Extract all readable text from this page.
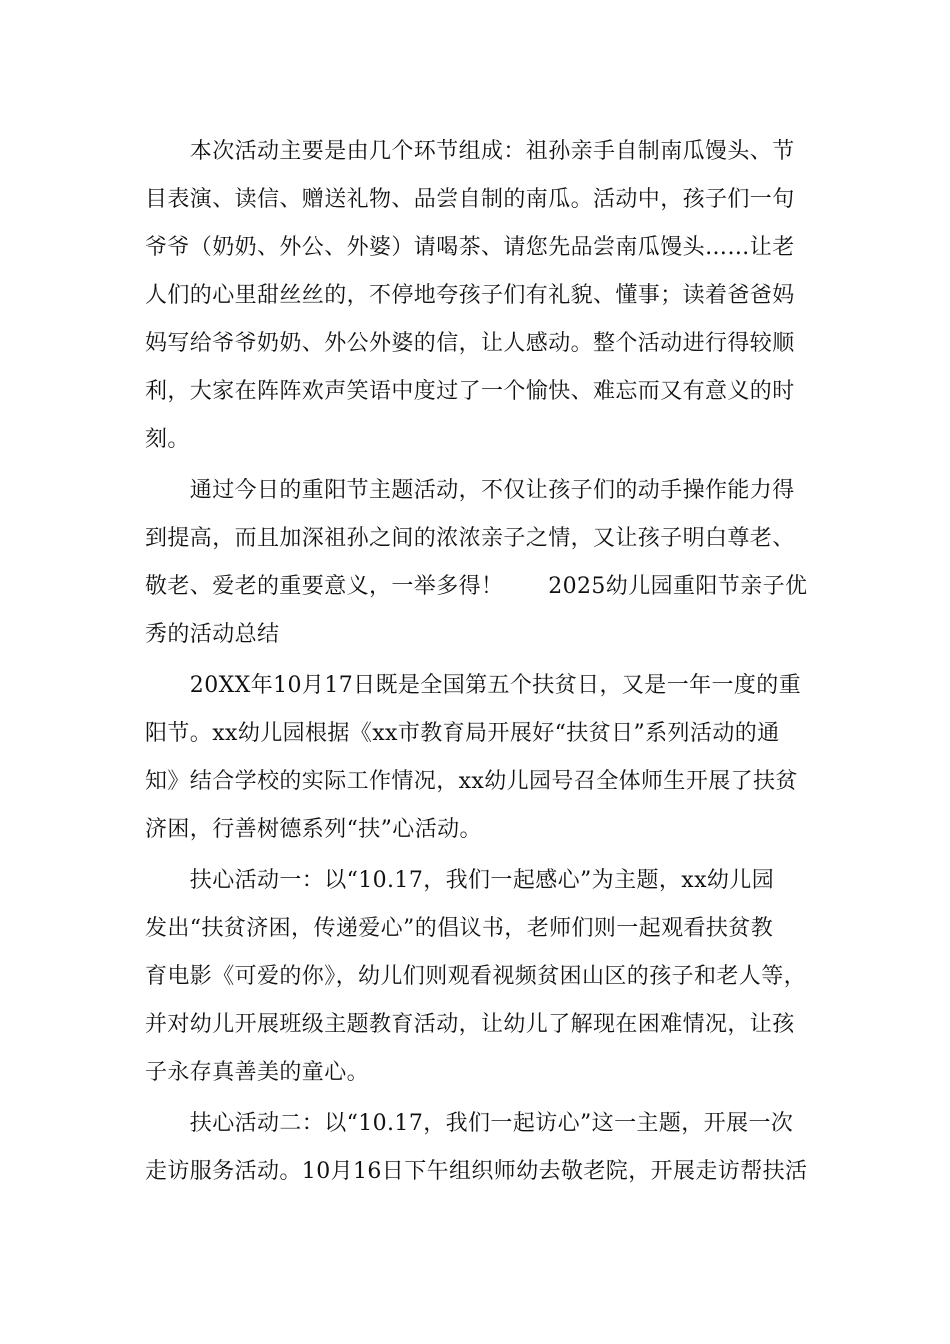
　　本次活动主要是由几个环节组成：祖孙亲手自制南瓜馒头、节
目表演、读信、赠送礼物、品尝自制的南瓜。活动中，孩子们一句
爷爷（奶奶、外公、外婆）请喝茶、请您先品尝南瓜馒头……让老
人们的心里甜丝丝的，不停地夸孩子们有礼貌、懂事；读着爸爸妈
妈写给爷爷奶奶、外公外婆的信，让人感动。整个活动进行得较顺
利，大家在阵阵欢声笑语中度过了一个愉快、难忘而又有意义的时
刻。
　　通过今日的重阳节主题活动，不仅让孩子们的动手操作能力得
到提高，而且加深祖孙之间的浓浓亲子之情，又让孩子明白尊老、
敬老、爱老的重要意义，一举多得！　　2025幼儿园重阳节亲子优
秀的活动总结
　　20XX年10月17日既是全国第五个扶贫日，又是一年一度的重
阳节。xx幼儿园根据《xx市教育局开展好“扶贫日”系列活动的通
知》结合学校的实际工作情况，xx幼儿园号召全体师生开展了扶贫
济困，行善树德系列“扶”心活动。
　　扶心活动一：以“10.17，我们一起感心”为主题，xx幼儿园
发出“扶贫济困，传递爱心”的倡议书，老师们则一起观看扶贫教
育电影《可爱的你》，幼儿们则观看视频贫困山区的孩子和老人等，
并对幼儿开展班级主题教育活动，让幼儿了解现在困难情况，让孩
子永存真善美的童心。
　　扶心活动二：以“10.17，我们一起访心”这一主题，开展一次
走访服务活动。10月16日下午组织师幼去敬老院，开展走访帮扶活
